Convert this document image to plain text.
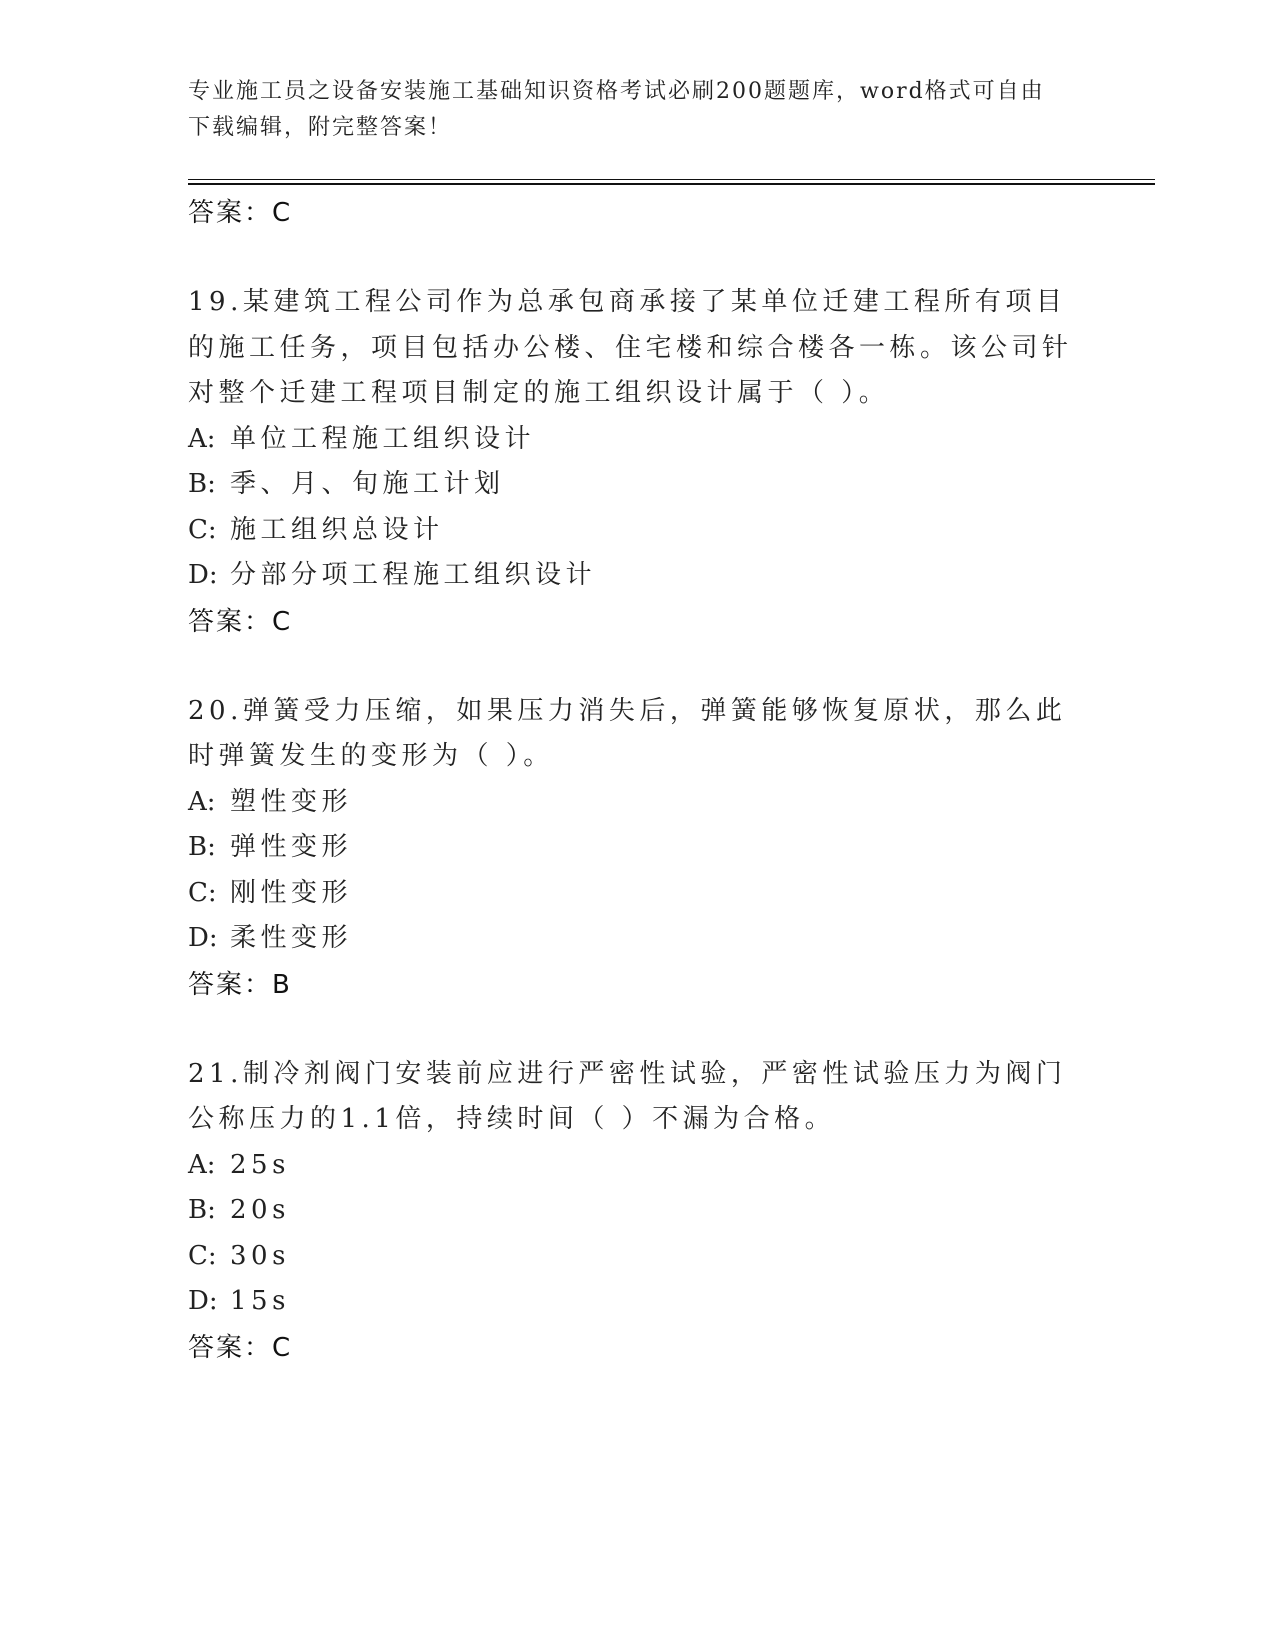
专业施工员之设备安装施工基础知识资格考试必刷200题题库，word格式可自由下载编辑，附完整答案！
答案：C
19.某建筑工程公司作为总承包商承接了某单位迁建工程所有项目的施工任务，项目包括办公楼、住宅楼和综合楼各一栋。该公司针对整个迁建工程项目制定的施工组织设计属于（ ）。
A: 单位工程施工组织设计
B: 季、月、旬施工计划
C: 施工组织总设计
D: 分部分项工程施工组织设计
答案：C
20.弹簧受力压缩，如果压力消失后，弹簧能够恢复原状，那么此时弹簧发生的变形为（ ）。
A: 塑性变形
B: 弹性变形
C: 刚性变形
D: 柔性变形
答案：B
21.制冷剂阀门安装前应进行严密性试验，严密性试验压力为阀门公称压力的1.1倍，持续时间（ ）不漏为合格。
A: 25s
B: 20s
C: 30s
D: 15s
答案：C
